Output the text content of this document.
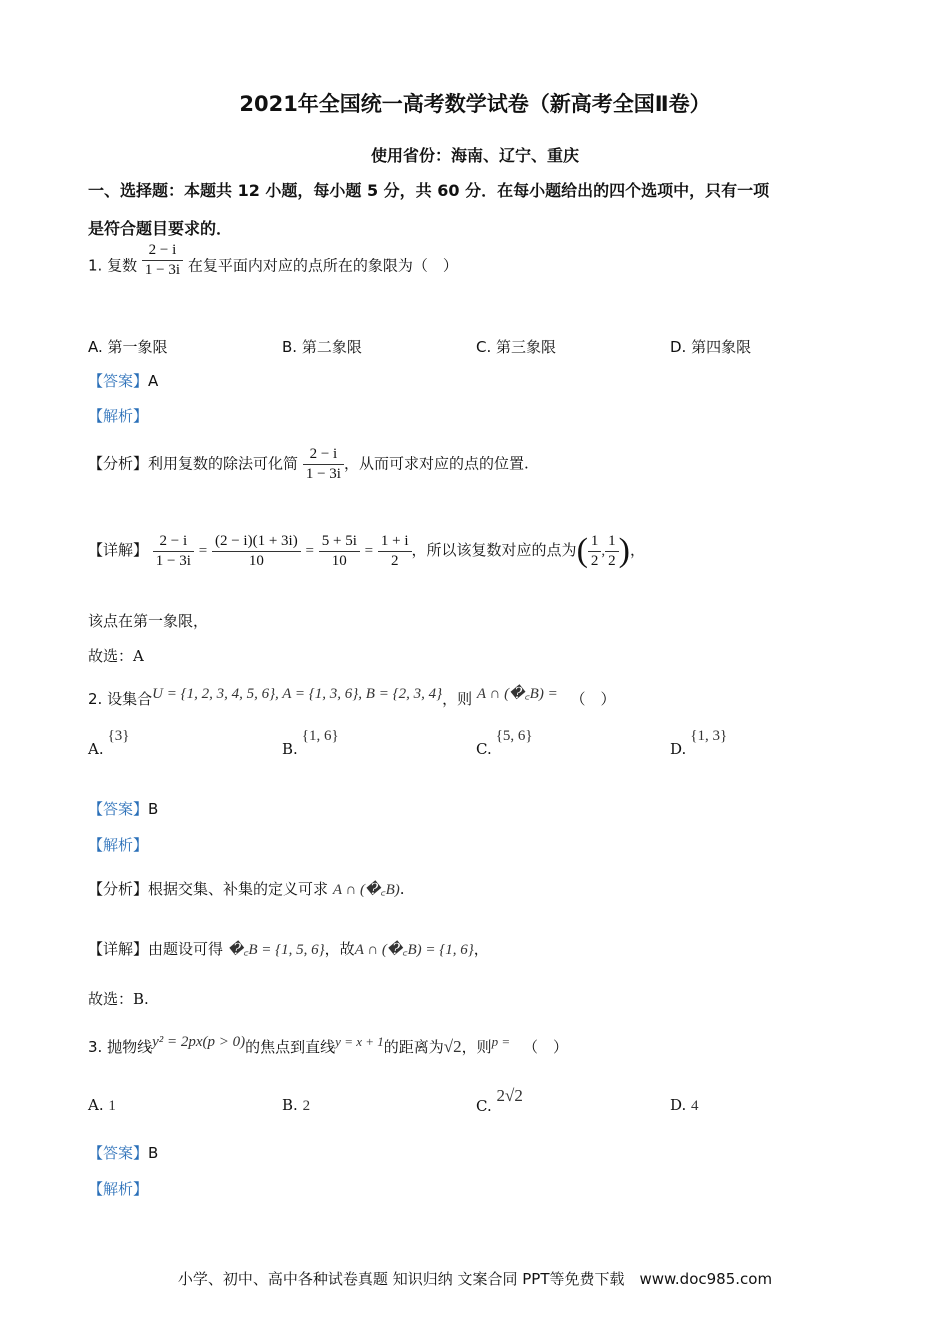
2021年全国统一高考数学试卷（新高考全国Ⅱ卷）
使用省份：海南、辽宁、重庆
一、选择题：本题共 12 小题，每小题 5 分，共 60 分．在每小题给出的四个选项中，只有一项
是符合题目要求的．
1. 复数 $\frac{2 - i}{1 - 3i}$ 在复平面内对应的点所在的象限为（　）
A. 第一象限	B. 第二象限	C. 第三象限	D. 第四象限
【答案】A
【解析】
【分析】利用复数的除法可化简 $\frac{2 - i}{1 - 3i}$ ，从而可求对应的点的位置.
【详解】 $\frac{2 - i}{1 - 3i} = \frac{(2 - i)(1 + 3i)}{10} = \frac{5 + 5i}{10} = \frac{1 + i}{2}$ ，所以该复数对应的点为( $\frac{1}{2}$ , $\frac{1}{2}$ )，
该点在第一象限，
故选：A
2. 设集合U = {1, 2, 3, 4, 5, 6}, A = {1, 3, 6}, B = {2, 3, 4}，则 A ∩ (�꜀B) = （　）
A.{3}
B.{1, 6}
C.{5, 6}
D.{1, 3}
【答案】B
【解析】
【分析】根据交集、补集的定义可求 A ∩ (�꜀B).
【详解】由题设可得 �꜀B = {1, 5, 6}，故A ∩ (�꜀B) = {1, 6}，
故选：B.
3. 抛物线y² = 2px(p > 0)的焦点到直线y = x + 1的距离为√2，则p = （　）
A. 1	B. 2	C. 2√2	D. 4
【答案】B
【解析】
小学、初中、高中各种试卷真题 知识归纳 文案合同 PPT等免费下载　www.doc985.com
